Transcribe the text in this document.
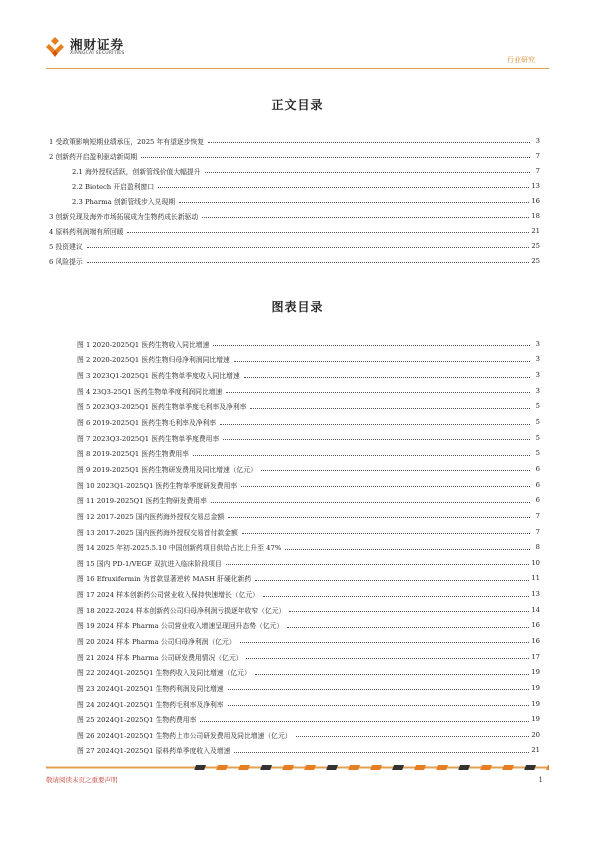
湘财证券
XIANGCAI SECURITIES
行业研究
正文目录
1 受政策影响短期业绩承压，2025 年有望逐步恢复	3
2 创新药开启盈利驱动新周期	7
2.1 海外授权活跃，创新管线价值大幅提升	7
2.2 Biotech 开启盈利窗口	13
2.3 Pharma 创新管线步入兑现期	16
3 创新兑现及海外市场拓展成为生物药成长新驱动	18
4 原料药利润端有所回暖	21
5 投资建议	25
6 风险提示	25
图表目录
图 1 2020-2025Q1 医药生物收入同比增速	3
图 2 2020-2025Q1 医药生物归母净利润同比增速	3
图 3 2023Q1-2025Q1 医药生物单季度收入同比增速	3
图 4 23Q3-25Q1 医药生物单季度利润同比增速	3
图 5 2023Q3-2025Q1 医药生物单季度毛利率及净利率	5
图 6 2019-2025Q1 医药生物毛利率及净利率	5
图 7 2023Q3-2025Q1 医药生物单季度费用率	5
图 8 2019-2025Q1 医药生物费用率	5
图 9 2019-2025Q1 医药生物研发费用及同比增速（亿元）	6
图 10 2023Q1-2025Q1 医药生物单季度研发费用率	6
图 11 2019-2025Q1 医药生物研发费用率	6
图 12 2017-2025 国内医药海外授权交易总金额	7
图 13 2017-2025 国内医药海外授权交易首付款金额	7
图 14 2025 年初-2025.5.10 中国创新药项目供给占比上升至 47%	8
图 15 国内 PD-1/VEGF 双抗进入临床阶段项目	10
图 16 Efruxifermin 为首款显著逆转 MASH 肝硬化新药	11
图 17 2024 样本创新药公司营业收入保持快速增长（亿元）	13
图 18 2022-2024 样本创新药公司归母净利润亏损逐年收窄（亿元）	14
图 19 2024 样本 Pharma 公司营业收入增速呈现回升态势（亿元）	16
图 20 2024 样本 Pharma 公司归母净利润（亿元）	16
图 21 2024 样本 Pharma 公司研发费用情况（亿元）	17
图 22 2024Q1-2025Q1 生物药收入及同比增速（亿元）	19
图 23 2024Q1-2025Q1 生物药利润及同比增速	19
图 24 2024Q1-2025Q1 生物药毛利率及净利率	19
图 25 2024Q1-2025Q1 生物药费用率	19
图 26 2024Q1-2025Q1 生物药上市公司研发费用及同比增速（亿元）	20
图 27 2024Q1-2025Q1 原料药单季度收入及增速	21
敬请阅读末页之重要声明	1
